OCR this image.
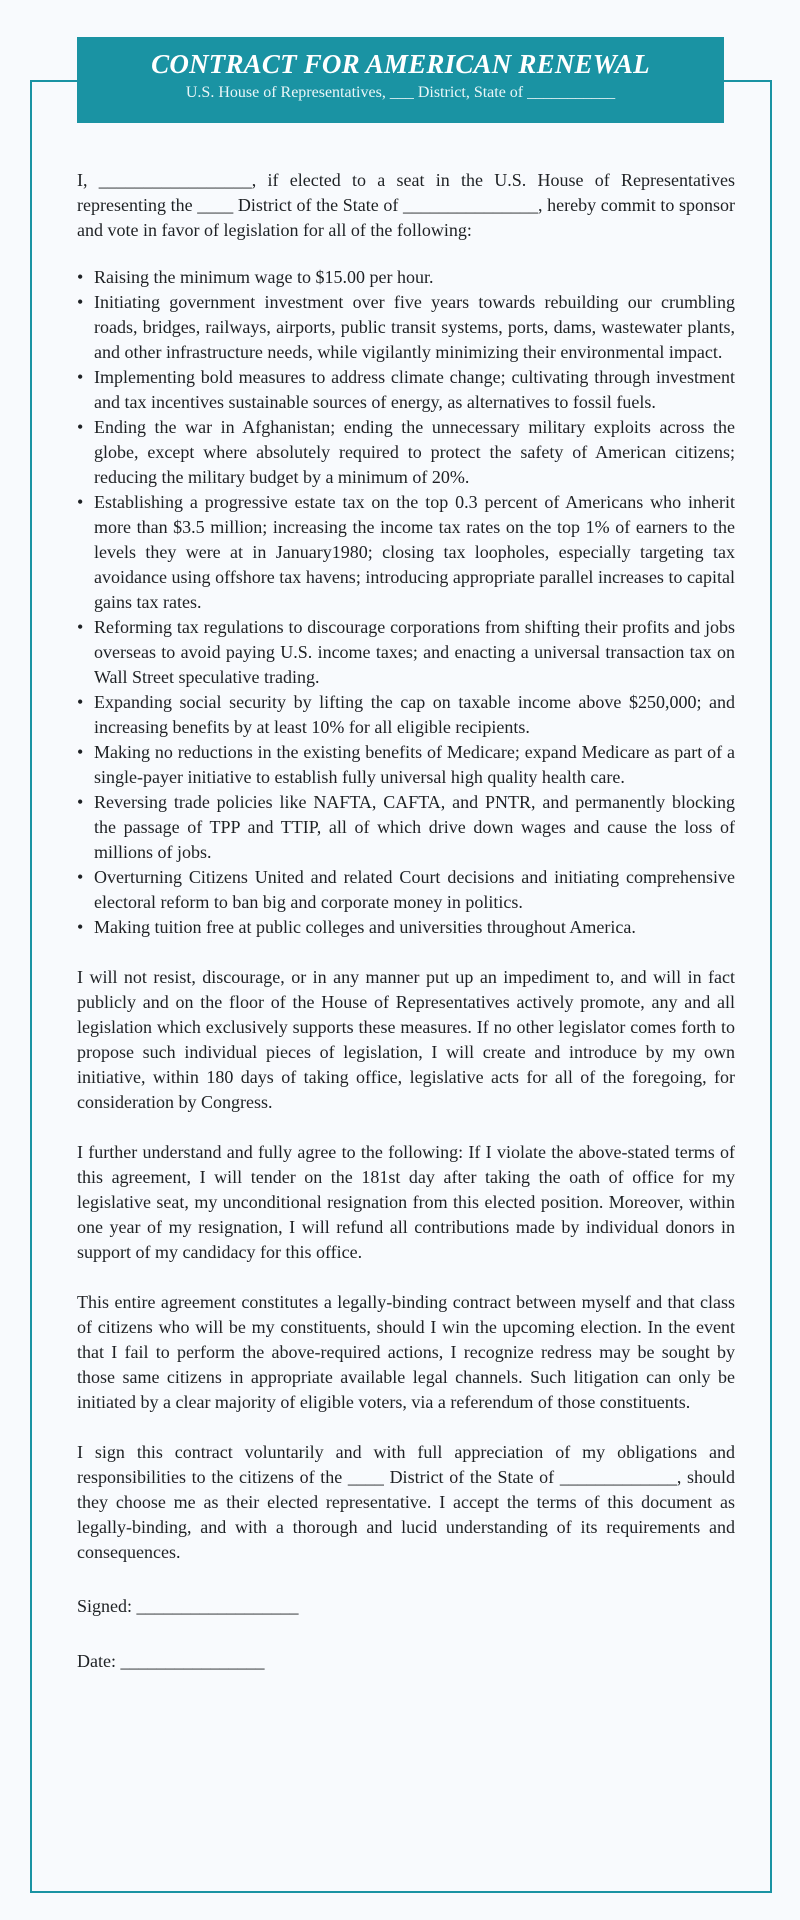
CONTRACT FOR AMERICAN RENEWAL
U.S. House of Representatives, ___ District, State of ___________

I, _________________, if elected to a seat in the U.S. House of Representatives representing the ____ District of the State of _______________, hereby commit to sponsor and vote in favor of legislation for all of the following:

• Raising the minimum wage to $15.00 per hour.
• Initiating government investment over five years towards rebuilding our crumbling roads, bridges, railways, airports, public transit systems, ports, dams, wastewater plants, and other infrastructure needs, while vigilantly minimizing their environmental impact.
• Implementing bold measures to address climate change; cultivating through investment and tax incentives sustainable sources of energy, as alternatives to fossil fuels.
• Ending the war in Afghanistan; ending the unnecessary military exploits across the globe, except where absolutely required to protect the safety of American citizens; reducing the military budget by a minimum of 20%.
• Establishing a progressive estate tax on the top 0.3 percent of Americans who inherit more than $3.5 million; increasing the income tax rates on the top 1% of earners to the levels they were at in January1980; closing tax loopholes, especially targeting tax avoidance using offshore tax havens; introducing appropriate parallel increases to capital gains tax rates.
• Reforming tax regulations to discourage corporations from shifting their profits and jobs overseas to avoid paying U.S. income taxes; and enacting a universal transaction tax on Wall Street speculative trading.
• Expanding social security by lifting the cap on taxable income above $250,000; and increasing benefits by at least 10% for all eligible recipients.
• Making no reductions in the existing benefits of Medicare; expand Medicare as part of a single-payer initiative to establish fully universal high quality health care.
• Reversing trade policies like NAFTA, CAFTA, and PNTR, and permanently blocking the passage of TPP and TTIP, all of which drive down wages and cause the loss of millions of jobs.
• Overturning Citizens United and related Court decisions and initiating comprehensive electoral reform to ban big and corporate money in politics.
• Making tuition free at public colleges and universities throughout America.

I will not resist, discourage, or in any manner put up an impediment to, and will in fact publicly and on the floor of the House of Representatives actively promote, any and all legislation which exclusively supports these measures. If no other legislator comes forth to propose such individual pieces of legislation, I will create and introduce by my own initiative, within 180 days of taking office, legislative acts for all of the foregoing, for consideration by Congress.

I further understand and fully agree to the following: If I violate the above-stated terms of this agreement, I will tender on the 181st day after taking the oath of office for my legislative seat, my unconditional resignation from this elected position. Moreover, within one year of my resignation, I will refund all contributions made by individual donors in support of my candidacy for this office.

This entire agreement constitutes a legally-binding contract between myself and that class of citizens who will be my constituents, should I win the upcoming election. In the event that I fail to perform the above-required actions, I recognize redress may be sought by those same citizens in appropriate available legal channels. Such litigation can only be initiated by a clear majority of eligible voters, via a referendum of those constituents.

I sign this contract voluntarily and with full appreciation of my obligations and responsibilities to the citizens of the ____ District of the State of _____________, should they choose me as their elected representative. I accept the terms of this document as legally-binding, and with a thorough and lucid understanding of its requirements and consequences.

Signed: __________________

Date: ________________
